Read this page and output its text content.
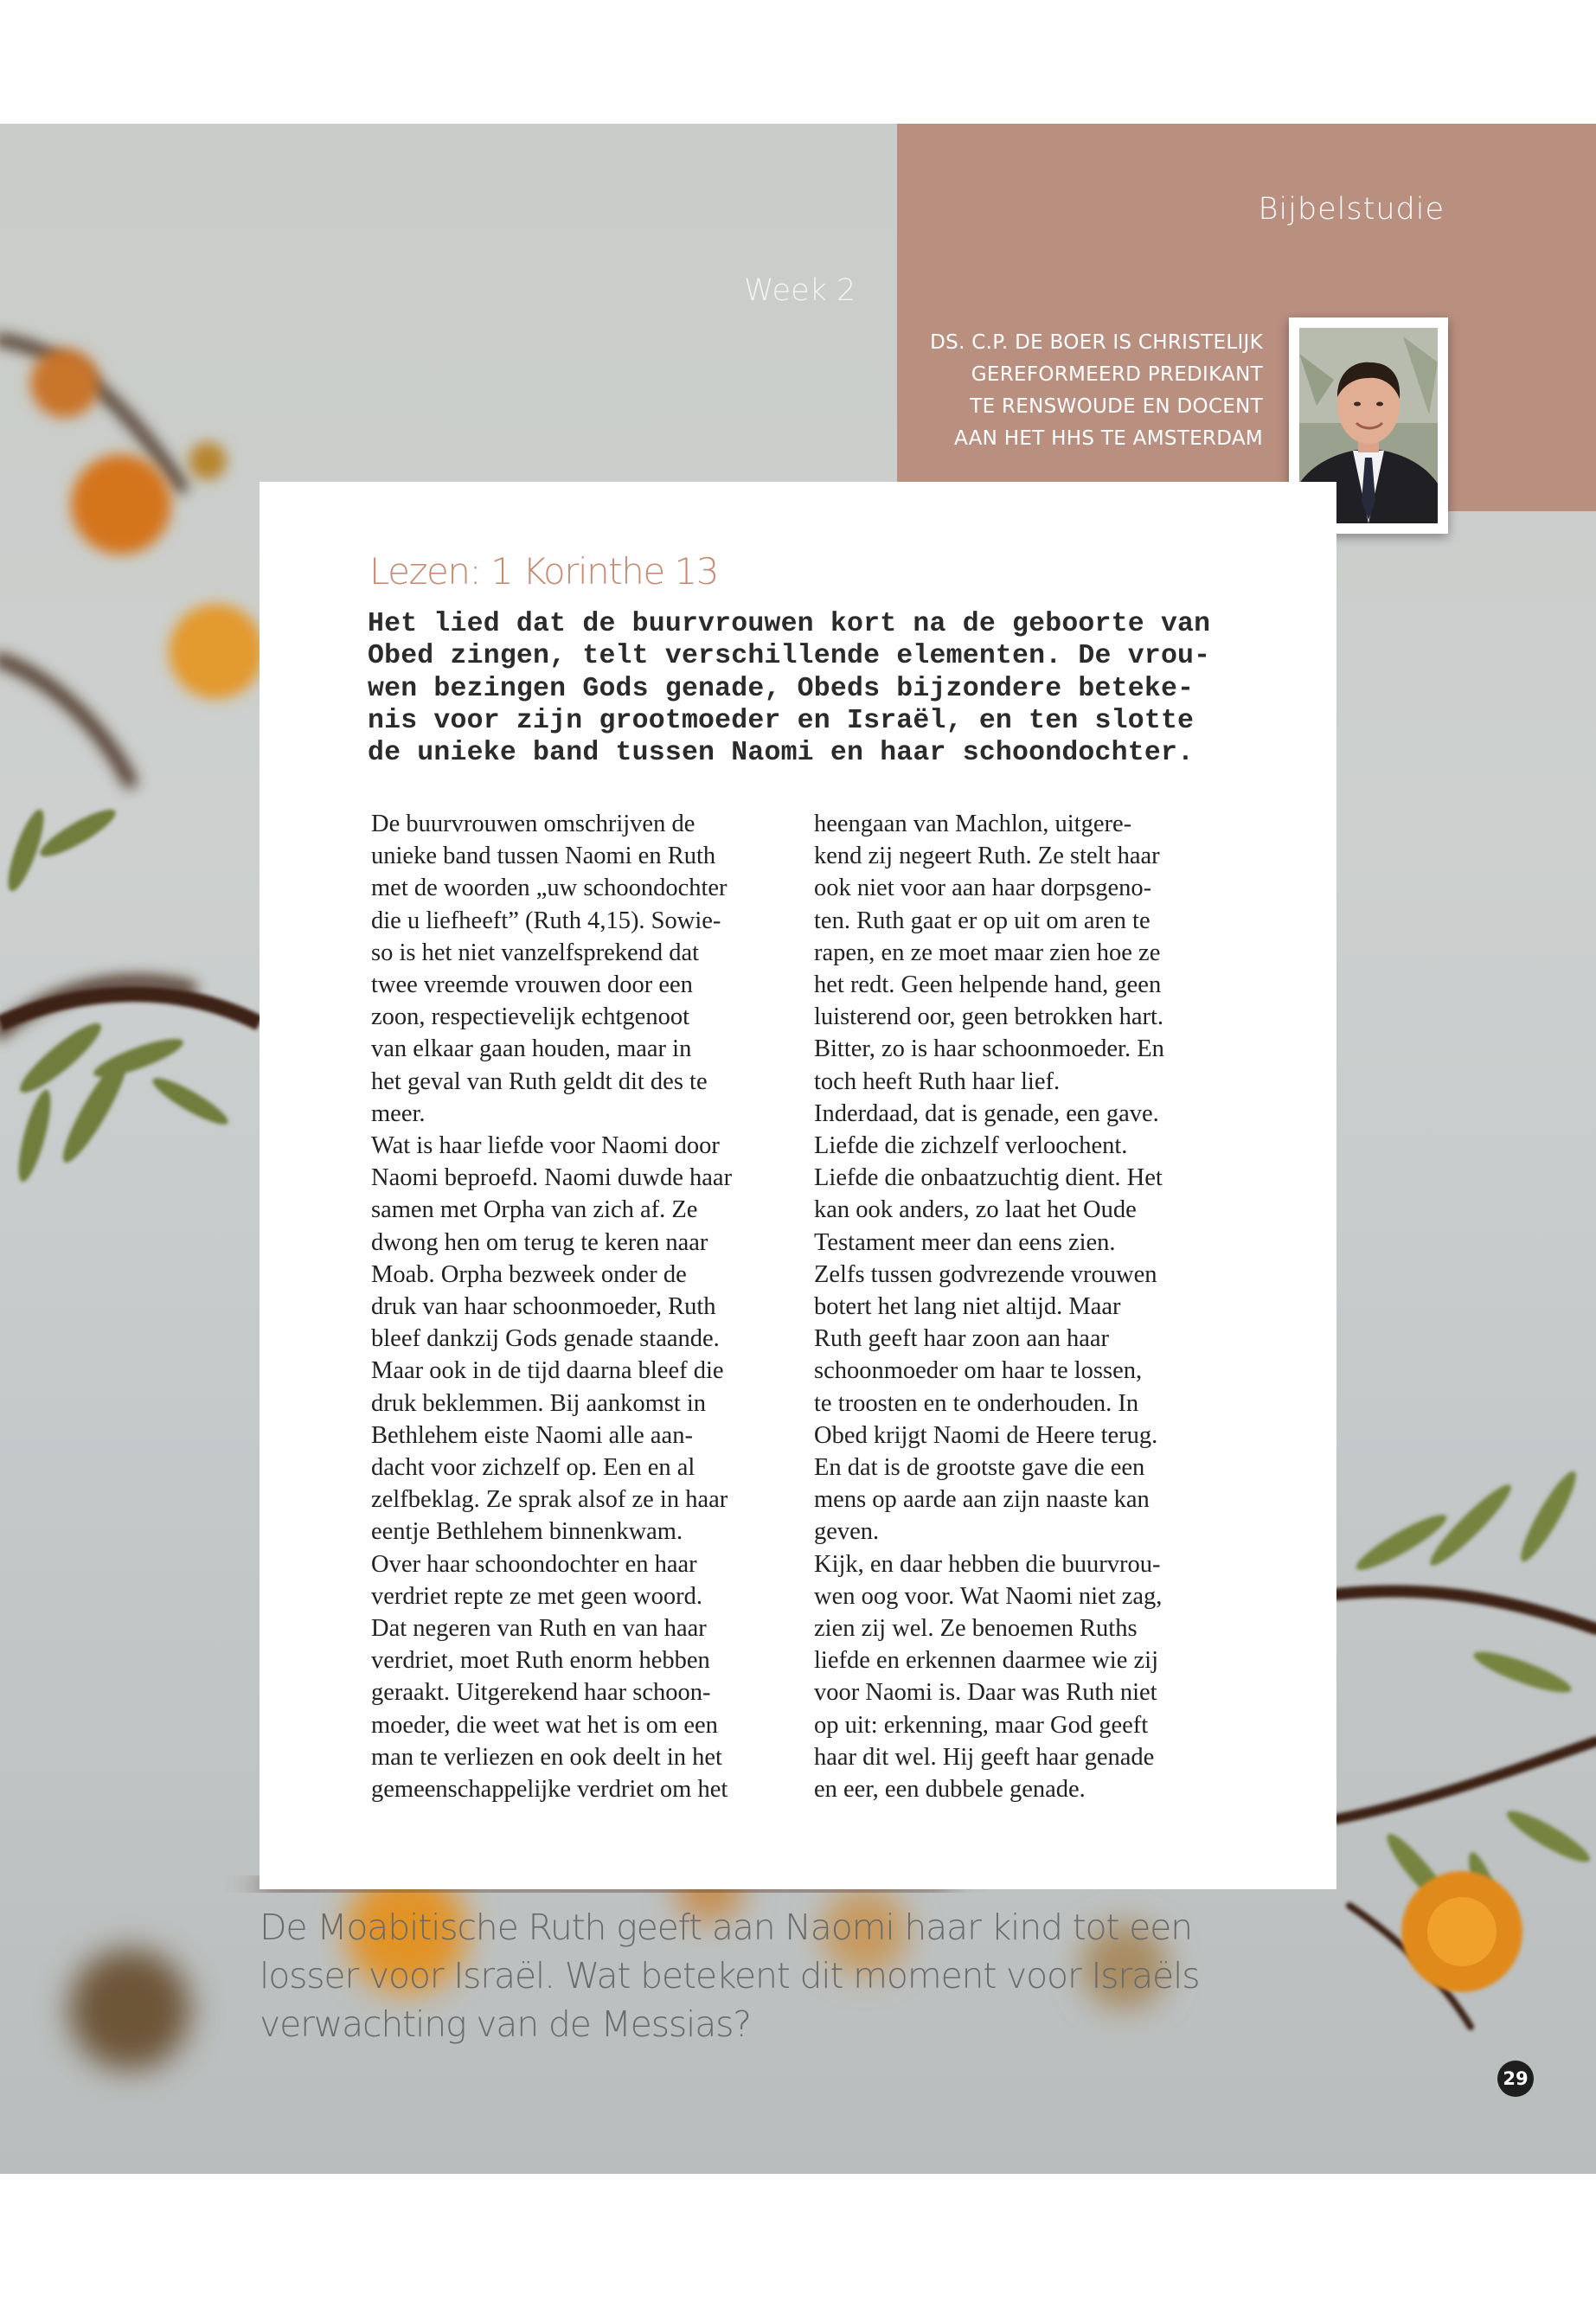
Bijbelstudie
Week 2
DS. C.P. DE BOER IS CHRISTELIJK
GEREFORMEERD PREDIKANT
TE RENSWOUDE EN DOCENT
AAN HET HHS TE AMSTERDAM
Lezen: 1 Korinthe 13
Het lied dat de buurvrouwen kort na de geboorte van
Obed zingen, telt verschillende elementen. De vrou-
wen bezingen Gods genade, Obeds bijzondere beteke-
nis voor zijn grootmoeder en Israël, en ten slotte
de unieke band tussen Naomi en haar schoondochter.
De buurvrouwen omschrijven de
unieke band tussen Naomi en Ruth
met de woorden „uw schoondochter
die u liefheeft” (Ruth 4,15). Sowie-
so is het niet vanzelfsprekend dat
twee vreemde vrouwen door een
zoon, respectievelijk echtgenoot
van elkaar gaan houden, maar in
het geval van Ruth geldt dit des te
meer.
Wat is haar liefde voor Naomi door
Naomi beproefd. Naomi duwde haar
samen met Orpha van zich af. Ze
dwong hen om terug te keren naar
Moab. Orpha bezweek onder de
druk van haar schoonmoeder, Ruth
bleef dankzij Gods genade staande.
Maar ook in de tijd daarna bleef die
druk beklemmen. Bij aankomst in
Bethlehem eiste Naomi alle aan-
dacht voor zichzelf op. Een en al
zelfbeklag. Ze sprak alsof ze in haar
eentje Bethlehem binnenkwam.
Over haar schoondochter en haar
verdriet repte ze met geen woord.
Dat negeren van Ruth en van haar
verdriet, moet Ruth enorm hebben
geraakt. Uitgerekend haar schoon-
moeder, die weet wat het is om een
man te verliezen en ook deelt in het
gemeenschappelijke verdriet om het
heengaan van Machlon, uitgere-
kend zij negeert Ruth. Ze stelt haar
ook niet voor aan haar dorpsgeno-
ten. Ruth gaat er op uit om aren te
rapen, en ze moet maar zien hoe ze
het redt. Geen helpende hand, geen
luisterend oor, geen betrokken hart.
Bitter, zo is haar schoonmoeder. En
toch heeft Ruth haar lief.
Inderdaad, dat is genade, een gave.
Liefde die zichzelf verloochent.
Liefde die onbaatzuchtig dient. Het
kan ook anders, zo laat het Oude
Testament meer dan eens zien.
Zelfs tussen godvrezende vrouwen
botert het lang niet altijd. Maar
Ruth geeft haar zoon aan haar
schoonmoeder om haar te lossen,
te troosten en te onderhouden. In
Obed krijgt Naomi de Heere terug.
En dat is de grootste gave die een
mens op aarde aan zijn naaste kan
geven.
Kijk, en daar hebben die buurvrou-
wen oog voor. Wat Naomi niet zag,
zien zij wel. Ze benoemen Ruths
liefde en erkennen daarmee wie zij
voor Naomi is. Daar was Ruth niet
op uit: erkenning, maar God geeft
haar dit wel. Hij geeft haar genade
en eer, een dubbele genade.
De Moabitische Ruth geeft aan Naomi haar kind tot een
losser voor Israël. Wat betekent dit moment voor Israëls
verwachting van de Messias?
29
